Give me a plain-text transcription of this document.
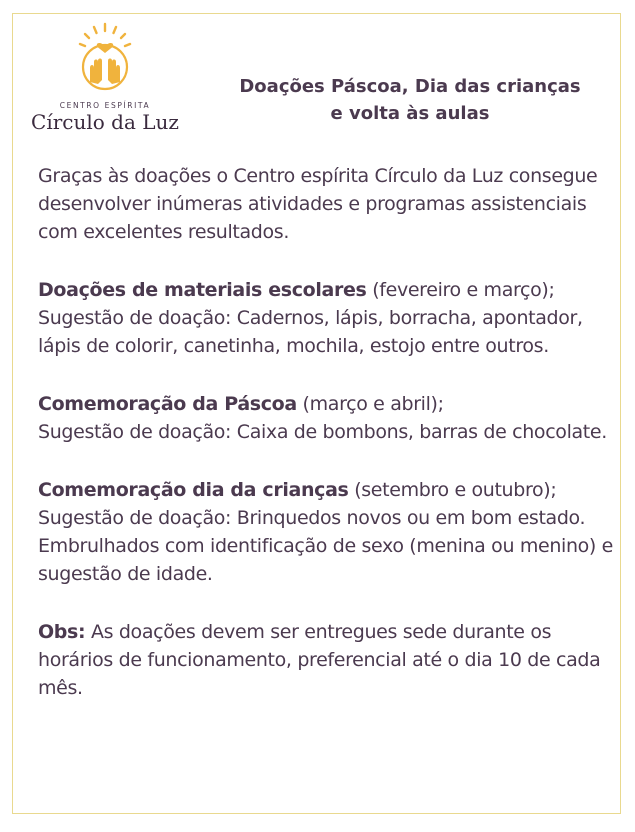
CENTRO ESPÍRITA
Círculo da Luz
Doações Páscoa, Dia das crianças
e volta às aulas

Graças às doações o Centro espírita Círculo da Luz consegue desenvolver inúmeras atividades e programas assistenciais com excelentes resultados.

Doações de materiais escolares (fevereiro e março);
Sugestão de doação: Cadernos, lápis, borracha, apontador, lápis de colorir, canetinha, mochila, estojo entre outros.

Comemoração da Páscoa (março e abril);
Sugestão de doação: Caixa de bombons, barras de chocolate.

Comemoração dia da crianças (setembro e outubro);
Sugestão de doação: Brinquedos novos ou em bom estado. Embrulhados com identificação de sexo (menina ou menino) e sugestão de idade.

Obs: As doações devem ser entregues sede durante os horários de funcionamento, preferencial até o dia 10 de cada mês.
